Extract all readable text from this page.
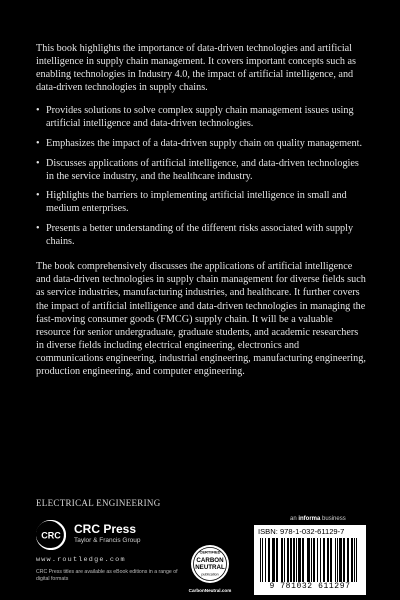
This book highlights the importance of data-driven technologies and artificial intelligence in supply chain management. It covers important concepts such as enabling technologies in Industry 4.0, the impact of artificial intelligence, and data-driven technologies in supply chains.

• Provides solutions to solve complex supply chain management issues using artificial intelligence and data-driven technologies.
• Emphasizes the impact of a data-driven supply chain on quality management.
• Discusses applications of artificial intelligence, and data-driven technologies in the service industry, and the healthcare industry.
• Highlights the barriers to implementing artificial intelligence in small and medium enterprises.
• Presents a better understanding of the different risks associated with supply chains.

The book comprehensively discusses the applications of artificial intelligence and data-driven technologies in supply chain management for diverse fields such as service industries, manufacturing industries, and healthcare. It further covers the impact of artificial intelligence and data-driven technologies in managing the fast-moving consumer goods (FMCG) supply chain. It will be a valuable resource for senior undergraduate, graduate students, and academic researchers in diverse fields including electrical engineering, electronics and communications engineering, industrial engineering, manufacturing engineering, production engineering, and computer engineering.

ELECTRICAL ENGINEERING
CRC CRC Press
Taylor & Francis Group
www.routledge.com
CRC Press titles are available as eBook editions in a range of digital formats
CERTIFIED
CARBON
NEUTRAL
publication
CarbonNeutral.com
an informa business
ISBN: 978-1-032-61129-7
9 781032 611297
